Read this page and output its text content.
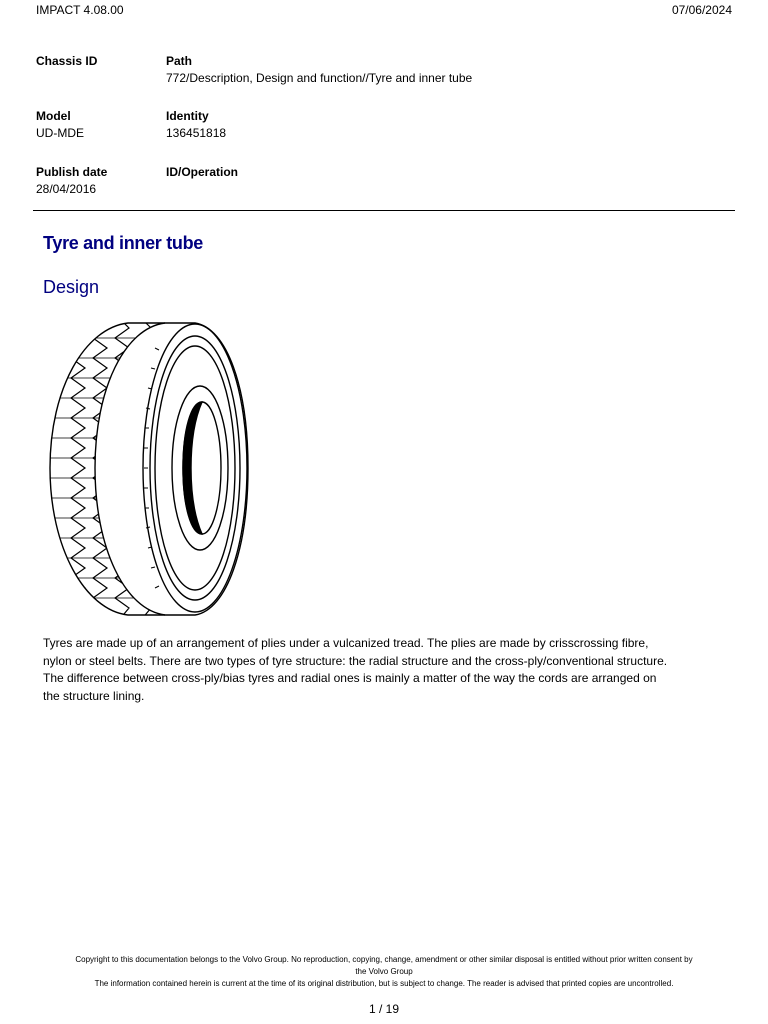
IMPACT 4.08.00	07/06/2024
Chassis ID	Path
772/Description, Design and function//Tyre and inner tube
Model
UD-MDE
Identity
136451818
Publish date
28/04/2016
ID/Operation
Tyre and inner tube
Design
Tyres are made up of an arrangement of plies under a vulcanized tread. The plies are made by crisscrossing fibre,
nylon or steel belts. There are two types of tyre structure: the radial structure and the cross-ply/conventional structure.
The difference between cross-ply/bias tyres and radial ones is mainly a matter of the way the cords are arranged on
the structure lining.
Copyright to this documentation belongs to the Volvo Group. No reproduction, copying, change, amendment or other similar disposal is entitled without prior written consent by
the Volvo Group
The information contained herein is current at the time of its original distribution, but is subject to change. The reader is advised that printed copies are uncontrolled.
1 / 19
